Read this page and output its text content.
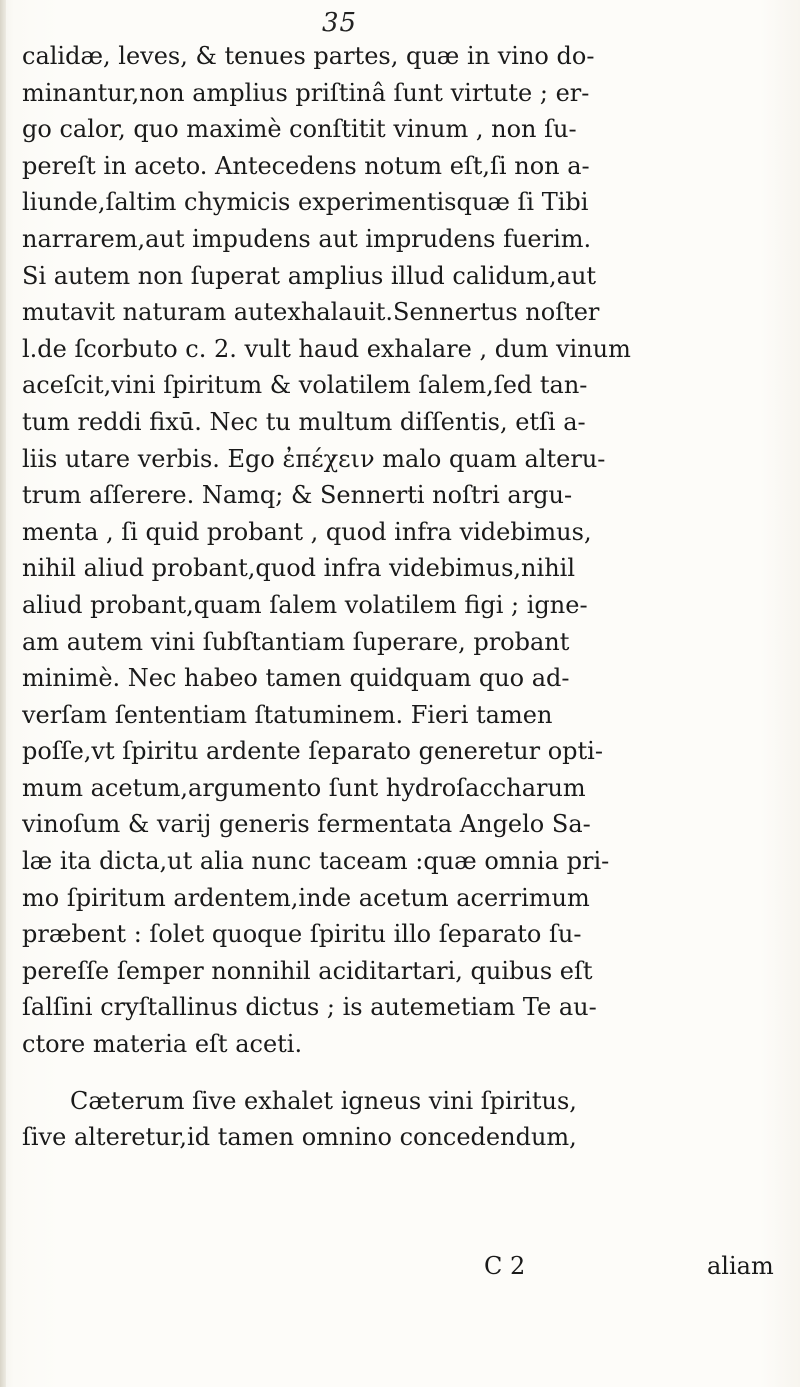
35
calidæ, leves, & tenues partes, quæ in vino do-
minantur,non amplius priſtinâ ſunt virtute ; er-
go calor, quo maximè conſtitit vinum , non ſu-
pereſt in aceto. Antecedens notum eſt,ſi non a-
liunde,ſaltim chymicis experimentisquæ ſi Tibi
narrarem,aut impudens aut imprudens fuerim.
Si autem non ſuperat amplius illud calidum,aut
mutavit naturam autexhalauit.Sennertus noſter
l.de ſcorbuto c. 2. vult haud exhalare , dum vinum
aceſcit,vini ſpiritum & volatilem ſalem,ſed tan-
tum reddi fixū. Nec tu multum diſſentis, etſi a-
liis utare verbis. Ego ἐπέχειν malo quam alteru-
trum aſſerere. Namq; & Sennerti noſtri argu-
menta , ſi quid probant , quod infra videbimus,
nihil aliud probant,quod infra videbimus,nihil
aliud probant,quam ſalem volatilem figi ; igne-
am autem vini ſubſtantiam ſuperare, probant
minimè. Nec habeo tamen quidquam quo ad-
verſam ſententiam ſtatuminem. Fieri tamen
poſſe,vt ſpiritu ardente ſeparato generetur opti-
mum acetum,argumento ſunt hydroſaccharum
vinoſum & varij generis fermentata Angelo Sa-
læ ita dicta,ut alia nunc taceam :quæ omnia pri-
mo ſpiritum ardentem,inde acetum acerrimum
præbent : ſolet quoque ſpiritu illo ſeparato ſu-
pereſſe ſemper nonnihil aciditartari, quibus eſt
ſalſini cryſtallinus dictus ; is autemetiam Te au-
ctore materia eſt aceti.
Cæterum ſive exhalet igneus vini ſpiritus,
ſive alteretur,id tamen omnino concedendum,
C 2	aliam
